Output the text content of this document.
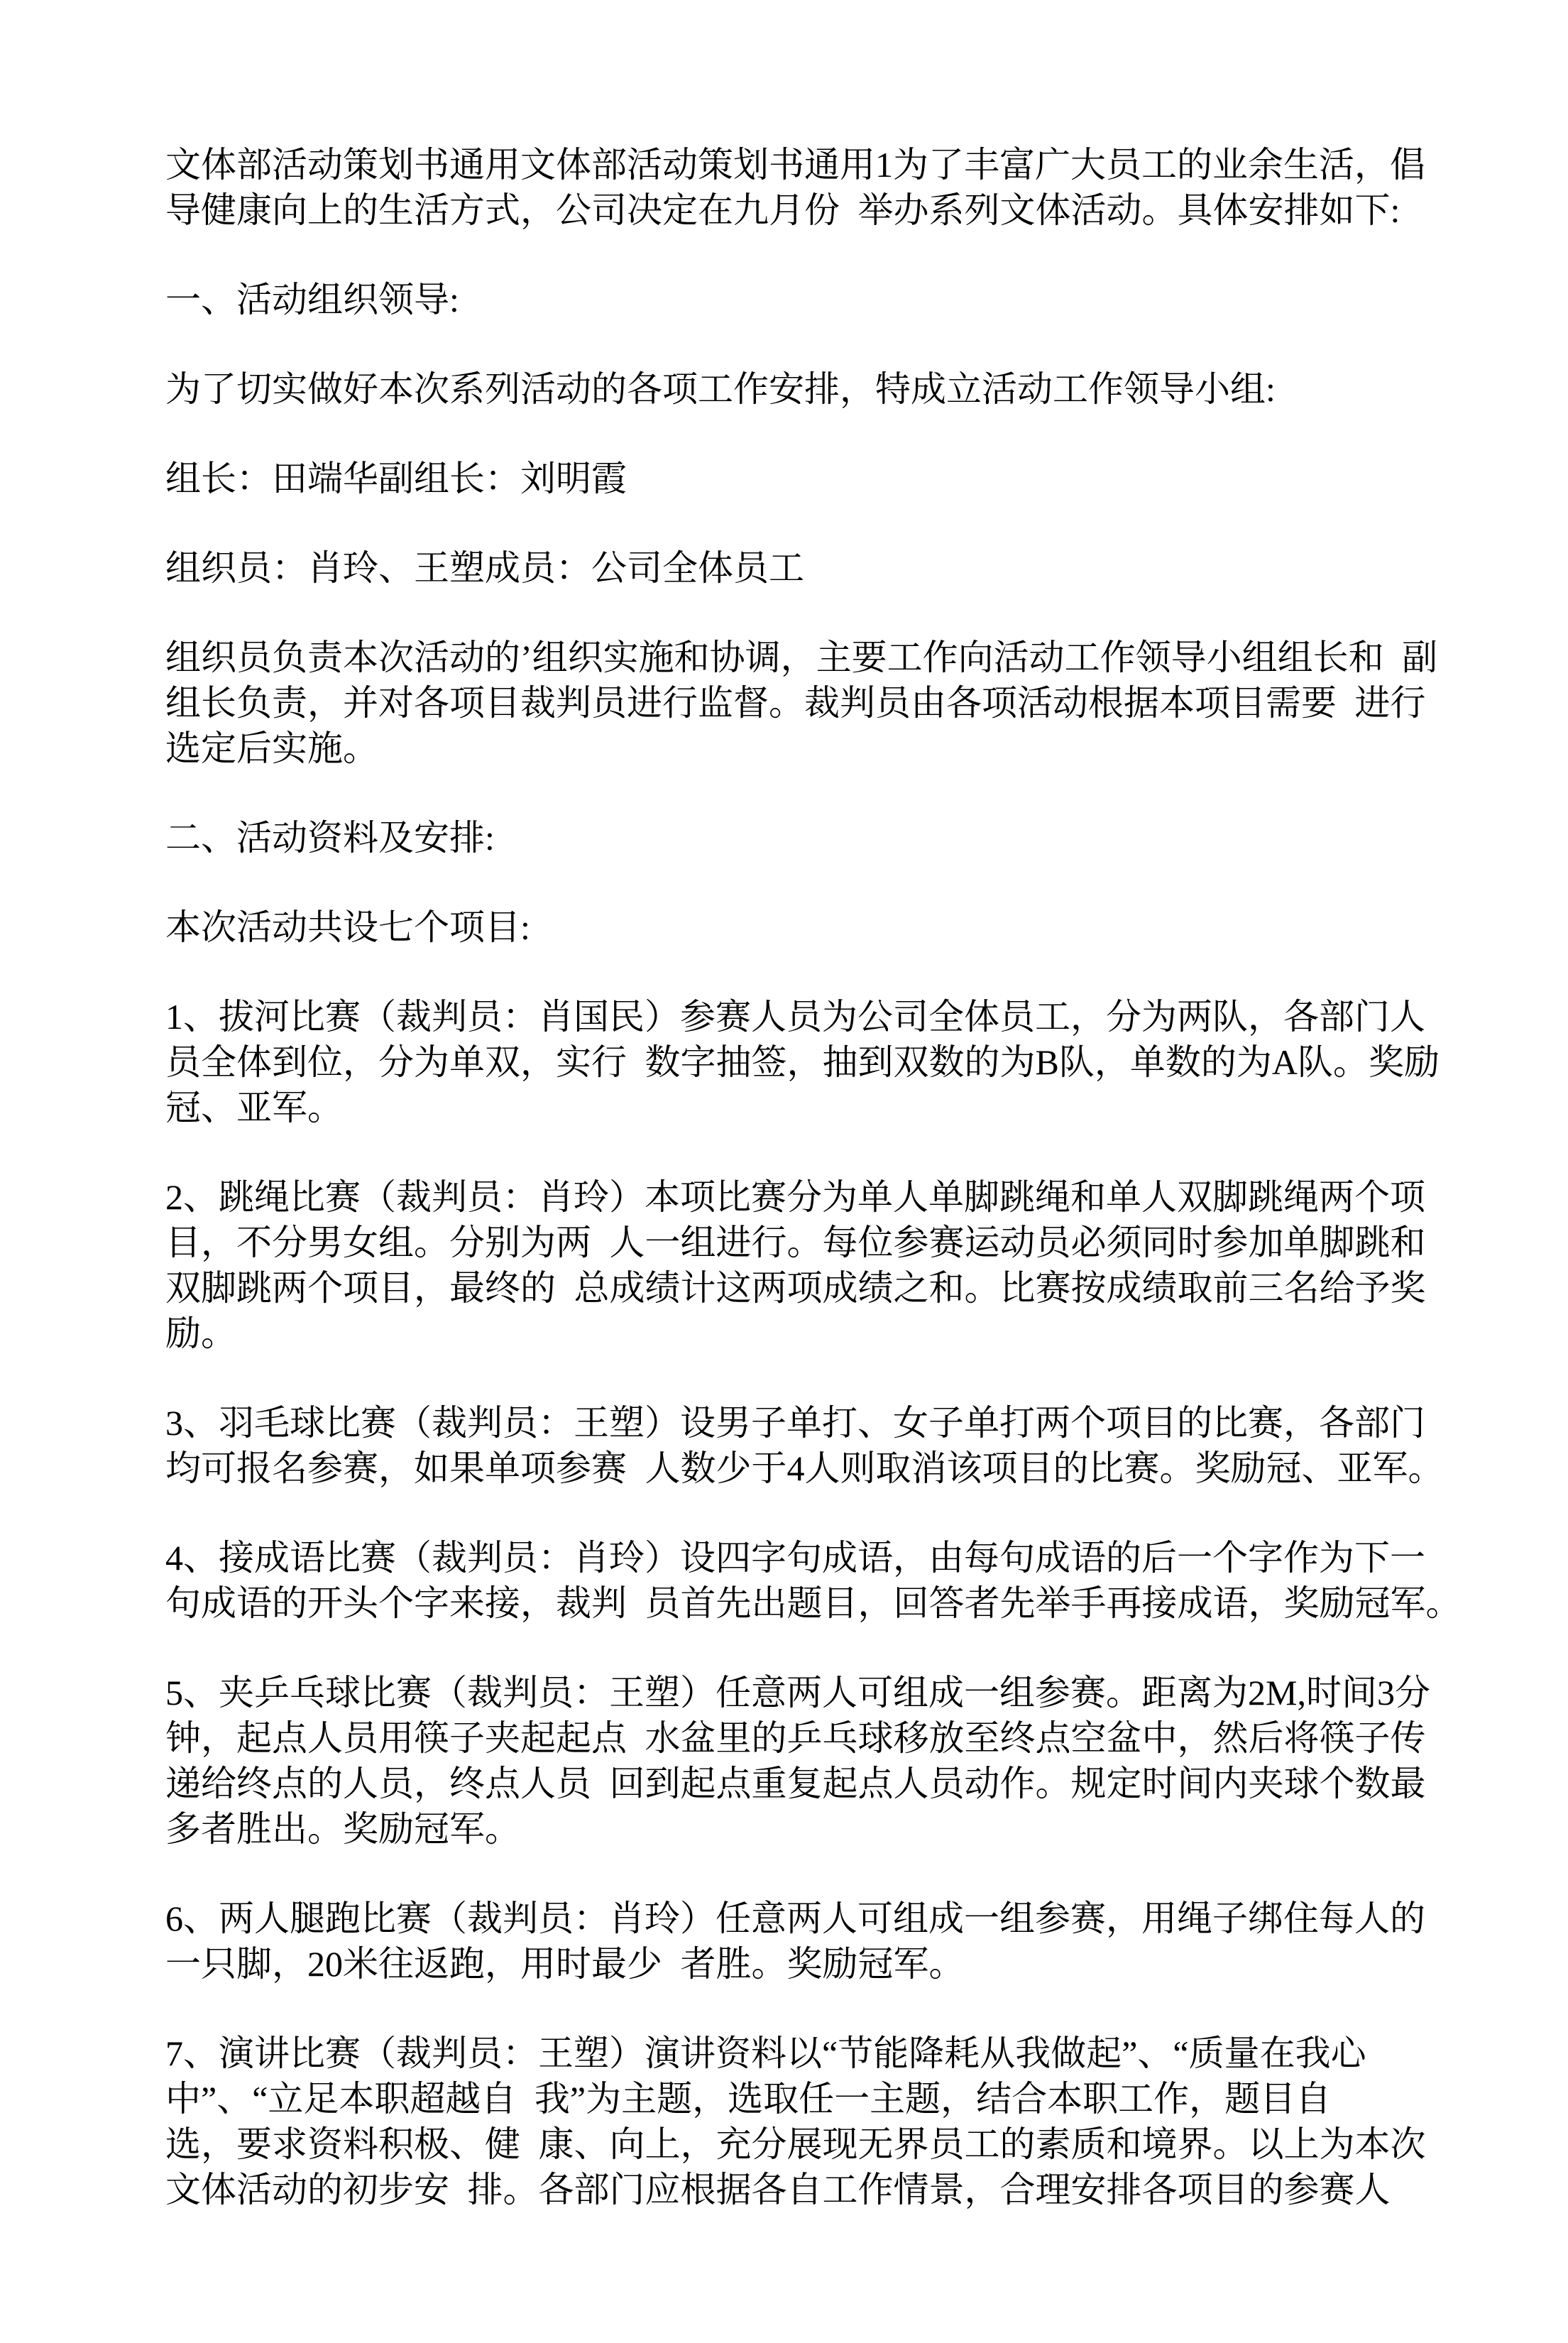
文体部活动策划书通用文体部活动策划书通用1为了丰富广大员工的业余生活，倡
导健康向上的生活方式，公司决定在九月份 举办系列文体活动。具体安排如下:
一、活动组织领导:
为了切实做好本次系列活动的各项工作安排，特成立活动工作领导小组:
组长：田端华副组长：刘明霞
组织员：肖玲、王塑成员：公司全体员工
组织员负责本次活动的’组织实施和协调，主要工作向活动工作领导小组组长和 副
组长负责，并对各项目裁判员进行监督。裁判员由各项活动根据本项目需要 进行
选定后实施。
二、活动资料及安排:
本次活动共设七个项目:
1、拔河比赛（裁判员：肖国民）参赛人员为公司全体员工，分为两队，各部门人
员全体到位，分为单双，实行 数字抽签，抽到双数的为B队，单数的为A队。奖励
冠、亚军。
2、跳绳比赛（裁判员：肖玲）本项比赛分为单人单脚跳绳和单人双脚跳绳两个项
目，不分男女组。分别为两 人一组进行。每位参赛运动员必须同时参加单脚跳和
双脚跳两个项目，最终的 总成绩计这两项成绩之和。比赛按成绩取前三名给予奖
励。
3、羽毛球比赛（裁判员：王塑）设男子单打、女子单打两个项目的比赛，各部门
均可报名参赛，如果单项参赛 人数少于4人则取消该项目的比赛。奖励冠、亚军。
4、接成语比赛（裁判员：肖玲）设四字句成语，由每句成语的后一个字作为下一
句成语的开头个字来接，裁判 员首先出题目，回答者先举手再接成语，奖励冠军。
5、夹乒乓球比赛（裁判员：王塑）任意两人可组成一组参赛。距离为2M,时间3分
钟，起点人员用筷子夹起起点 水盆里的乒乓球移放至终点空盆中，然后将筷子传
递给终点的人员，终点人员 回到起点重复起点人员动作。规定时间内夹球个数最
多者胜出。奖励冠军。
6、两人腿跑比赛（裁判员：肖玲）任意两人可组成一组参赛，用绳子绑住每人的
一只脚，20米往返跑，用时最少 者胜。奖励冠军。
7、演讲比赛（裁判员：王塑）演讲资料以“节能降耗从我做起”、“质量在我心
中”、“立足本职超越自 我”为主题，选取任一主题，结合本职工作，题目自
选，要求资料积极、健 康、向上，充分展现无界员工的素质和境界。以上为本次
文体活动的初步安 排。各部门应根据各自工作情景，合理安排各项目的参赛人
